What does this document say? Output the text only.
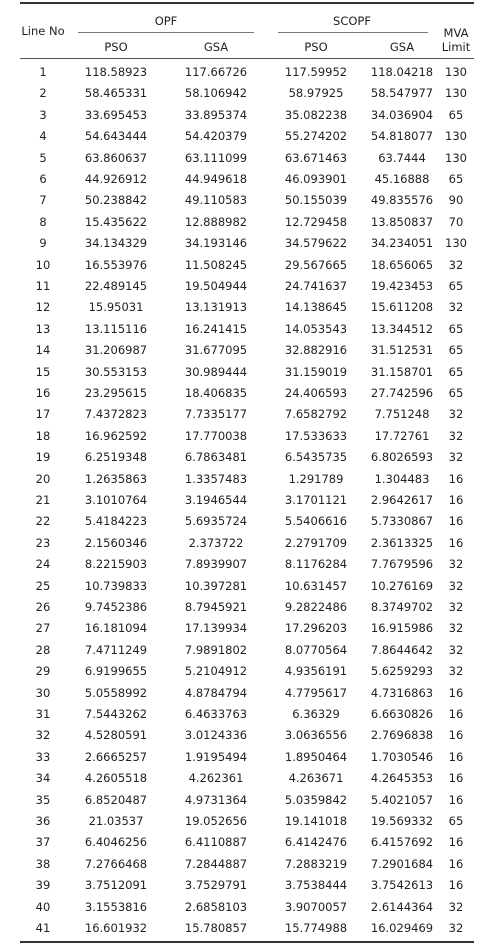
Line No
OPF	SCOPF
PSO	GSA	PSO	GSA
MVA Limit
1	118.58923	117.66726	117.59952	118.04218	130
2	58.465331	58.106942	58.97925	58.547977	130
3	33.695453	33.895374	35.082238	34.036904	65
4	54.643444	54.420379	55.274202	54.818077	130
5	63.860637	63.111099	63.671463	63.7444	130
6	44.926912	44.949618	46.093901	45.16888	65
7	50.238842	49.110583	50.155039	49.835576	90
8	15.435622	12.888982	12.729458	13.850837	70
9	34.134329	34.193146	34.579622	34.234051	130
10	16.553976	11.508245	29.567665	18.656065	32
11	22.489145	19.504944	24.741637	19.423453	65
12	15.95031	13.131913	14.138645	15.611208	32
13	13.115116	16.241415	14.053543	13.344512	65
14	31.206987	31.677095	32.882916	31.512531	65
15	30.553153	30.989444	31.159019	31.158701	65
16	23.295615	18.406835	24.406593	27.742596	65
17	7.4372823	7.7335177	7.6582792	7.751248	32
18	16.962592	17.770038	17.533633	17.72761	32
19	6.2519348	6.7863481	6.5435735	6.8026593	32
20	1.2635863	1.3357483	1.291789	1.304483	16
21	3.1010764	3.1946544	3.1701121	2.9642617	16
22	5.4184223	5.6935724	5.5406616	5.7330867	16
23	2.1560346	2.373722	2.2791709	2.3613325	16
24	8.2215903	7.8939907	8.1176284	7.7679596	32
25	10.739833	10.397281	10.631457	10.276169	32
26	9.7452386	8.7945921	9.2822486	8.3749702	32
27	16.181094	17.139934	17.296203	16.915986	32
28	7.4711249	7.9891802	8.0770564	7.8644642	32
29	6.9199655	5.2104912	4.9356191	5.6259293	32
30	5.0558992	4.8784794	4.7795617	4.7316863	16
31	7.5443262	6.4633763	6.36329	6.6630826	16
32	4.5280591	3.0124336	3.0636556	2.7696838	16
33	2.6665257	1.9195494	1.8950464	1.7030546	16
34	4.2605518	4.262361	4.263671	4.2645353	16
35	6.8520487	4.9731364	5.0359842	5.4021057	16
36	21.03537	19.052656	19.141018	19.569332	65
37	6.4046256	6.4110887	6.4142476	6.4157692	16
38	7.2766468	7.2844887	7.2883219	7.2901684	16
39	3.7512091	3.7529791	3.7538444	3.7542613	16
40	3.1553816	2.6858103	3.9070057	2.6144364	32
41	16.601932	15.780857	15.774988	16.029469	32
